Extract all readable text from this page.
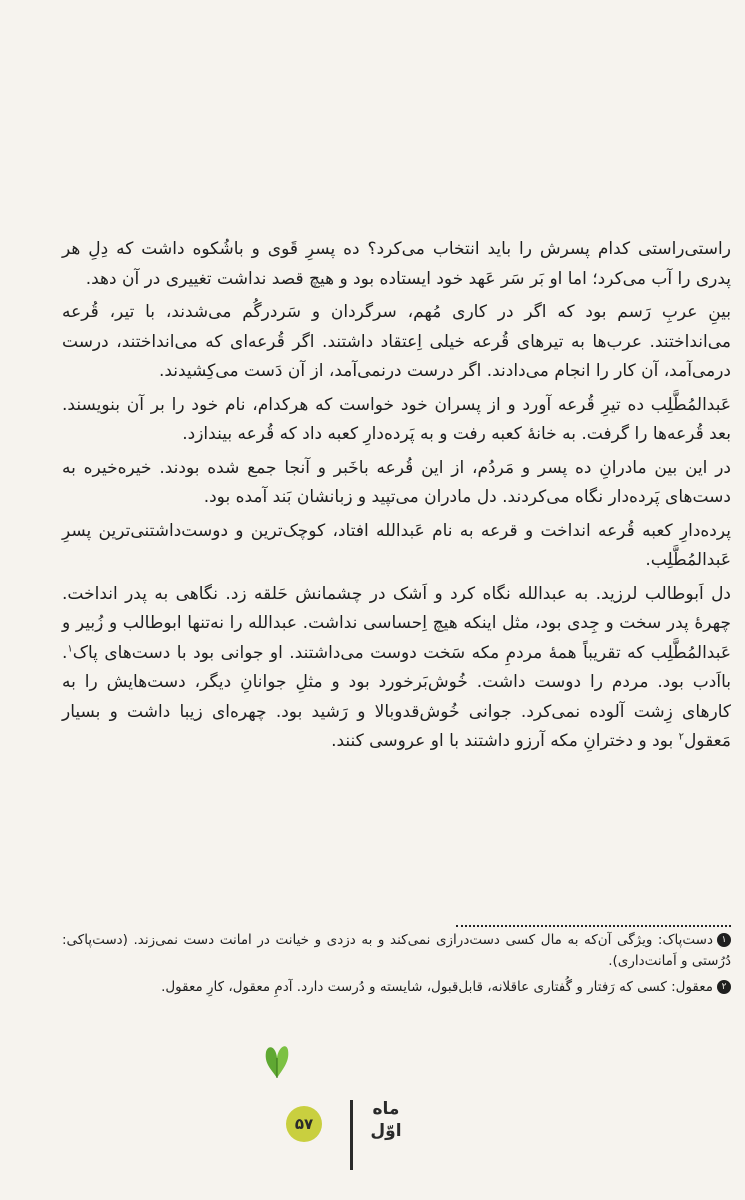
راستی‌راستی کدام پسرش را باید انتخاب می‌کرد؟ ده پسرِ قَوی و باشُکوه داشت که دِلِ هر پدری را آب می‌کرد؛ اما او بَر سَر عَهد خود ایستاده بود و هیچ قصد نداشت تغییری در آن دهد.

بینِ عربِ رَسم بود که اگر در کاری مُهم، سرگردان و سَردرگُم می‌شدند، با تیر، قُرعه می‌انداختند. عرب‌ها به تیرهای قُرعه خیلی اِعتقاد داشتند. اگر قُرعه‌ای که می‌انداختند، درست درمی‌آمد، آن کار را انجام می‌دادند. اگر درست درنمی‌آمد، از آن دَست می‌کِشیدند.

عَبدالمُطَّلِب ده تیرِ قُرعه آورد و از پسران خود خواست که هرکدام، نام خود را بر آن بنویسند. بعد قُرعه‌ها را گرفت. به خانهٔ کعبه رفت و به پَرده‌دارِ کعبه داد که قُرعه بیندازد.

در این بین مادرانِ ده پسر و مَردُم، از این قُرعه باخَبر و آنجا جمع شده بودند. خیره‌خیره به دست‌های پَرده‌دار نگاه می‌کردند. دل مادران می‌تپید و زبانشان بَند آمده بود.

پرده‌دارِ کعبه قُرعه انداخت و قرعه به نام عَبدالله افتاد، کوچک‌ترین و دوست‌داشتنی‌ترین پسرِ عَبدالمُطَّلِب.

دل اَبوطالب لرزید. به عبدالله نگاه کرد و اَشک در چشمانش حَلقه زد. نگاهی به پدر انداخت. چهرهٔ پدر سخت و جِدی بود، مثل اینکه هیچ اِحساسی نداشت. عبدالله را نه‌تنها ابوطالب و زُبیر و عَبدالمُطَّلِب که تقریباً همهٔ مردمِ مکه سَخت دوست می‌داشتند. او جوانی بود با دست‌های پاک$^۱$. بااَدب بود. مردم را دوست داشت. خُوش‌بَرخورد بود و مثلِ جوانانِ دیگر، دست‌هایش را به کارهای زِشت آلوده نمی‌کرد. جوانی خُوش‌قدوبالا و رَشید بود. چهره‌ای زیبا داشت و بسیار مَعقول$^۲$ بود و دخترانِ مکه آرزو داشتند با او عروسی کنند.

۱دست‌پاک: ویژگی آن‌که به مال کسی دست‌درازی نمی‌کند و به دزدی و خیانت در امانت دست نمی‌زند. (دست‌پاکی: دُرُستی و اَمانت‌داری).
۲معقول: کسی که رَفتار و گُفتاری عاقلانه، قابل‌قبول، شایسته و دُرست دارد. آدمِ معقول، کارِ معقول.
۵۷
ماه
اوّل
